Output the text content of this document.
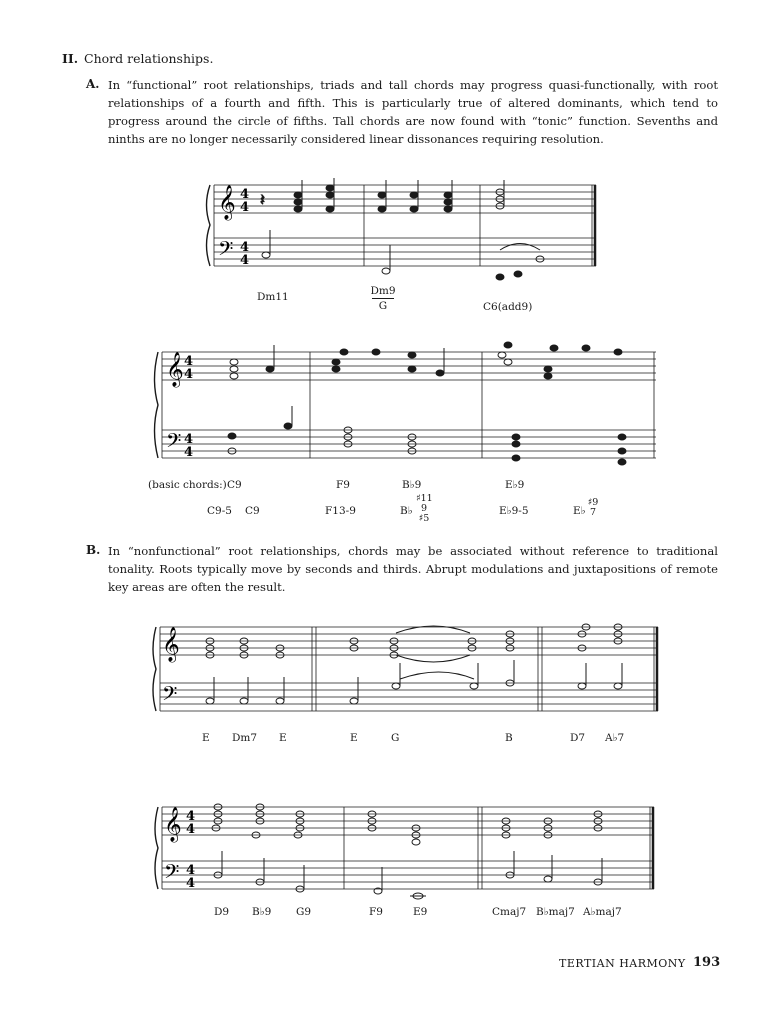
II. Chord relationships.
A. In “functional” root relationships, triads and tall chords may progress quasi-functionally, with root relationships of a fourth and fifth. This is particularly true of altered dominants, which tend to progress around the circle of fifths. Tall chords are now found with “tonic” function. Sevenths and ninths are no longer necessarily considered linear dissonances requiring resolution.
𝄞
𝄢
4
4
4
4
𝄽
Dm11	Dm9
G	C6(add9)
𝄞
𝄢
4
4
4
4
(basic chords:) C9	F9	B♭9	E♭9
C9-5 C9	F13-9	B♭
♯11
9
♯5
E♭9-5	E♭
♯9
7
B. In “nonfunctional” root relationships, chords may be associated without reference to traditional tonality. Roots typically move by seconds and thirds. Abrupt modulations and juxtapositions of remote key areas are often the result.
𝄞
𝄢
E Dm7 E	E	G	B	D7 A♭7
𝄞
𝄢
4
4
4
4
D9 B♭9 G9	F9	E9	Cmaj7 B♭maj7 A♭maj7
TERTIAN HARMONY 193
